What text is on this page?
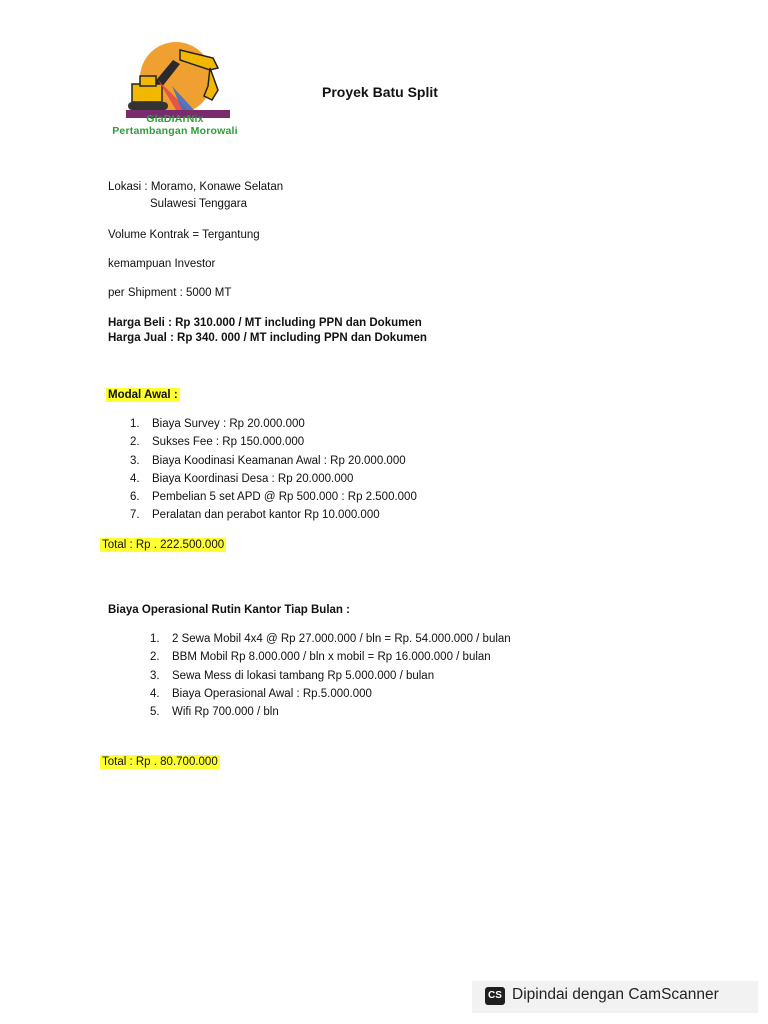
GlaDIArNix
Pertambangan Morowali
Proyek Batu Split
Lokasi : Moramo, Konawe Selatan
Sulawesi Tenggara
Volume Kontrak = Tergantung
kemampuan Investor
per Shipment : 5000 MT
Harga Beli : Rp 310.000 / MT including PPN dan Dokumen
Harga Jual : Rp 340. 000 / MT including PPN dan Dokumen
Modal Awal :
1.	Biaya Survey : Rp 20.000.000
2.	Sukses Fee : Rp 150.000.000
3.	Biaya Koodinasi Keamanan Awal : Rp 20.000.000
4.	Biaya Koordinasi Desa : Rp 20.000.000
6.	Pembelian 5 set APD @ Rp 500.000 : Rp 2.500.000
7.	Peralatan dan perabot kantor Rp 10.000.000
Total : Rp . 222.500.000
Biaya Operasional Rutin Kantor Tiap Bulan :
1.	2 Sewa Mobil 4x4 @ Rp 27.000.000 / bln = Rp. 54.000.000 / bulan
2.	BBM Mobil Rp 8.000.000 / bln x mobil = Rp 16.000.000 / bulan
3.	Sewa Mess di lokasi tambang Rp 5.000.000 / bulan
4.	Biaya Operasional Awal : Rp.5.000.000
5.	Wifi Rp 700.000 / bln
Total : Rp . 80.700.000
CS Dipindai dengan CamScanner
